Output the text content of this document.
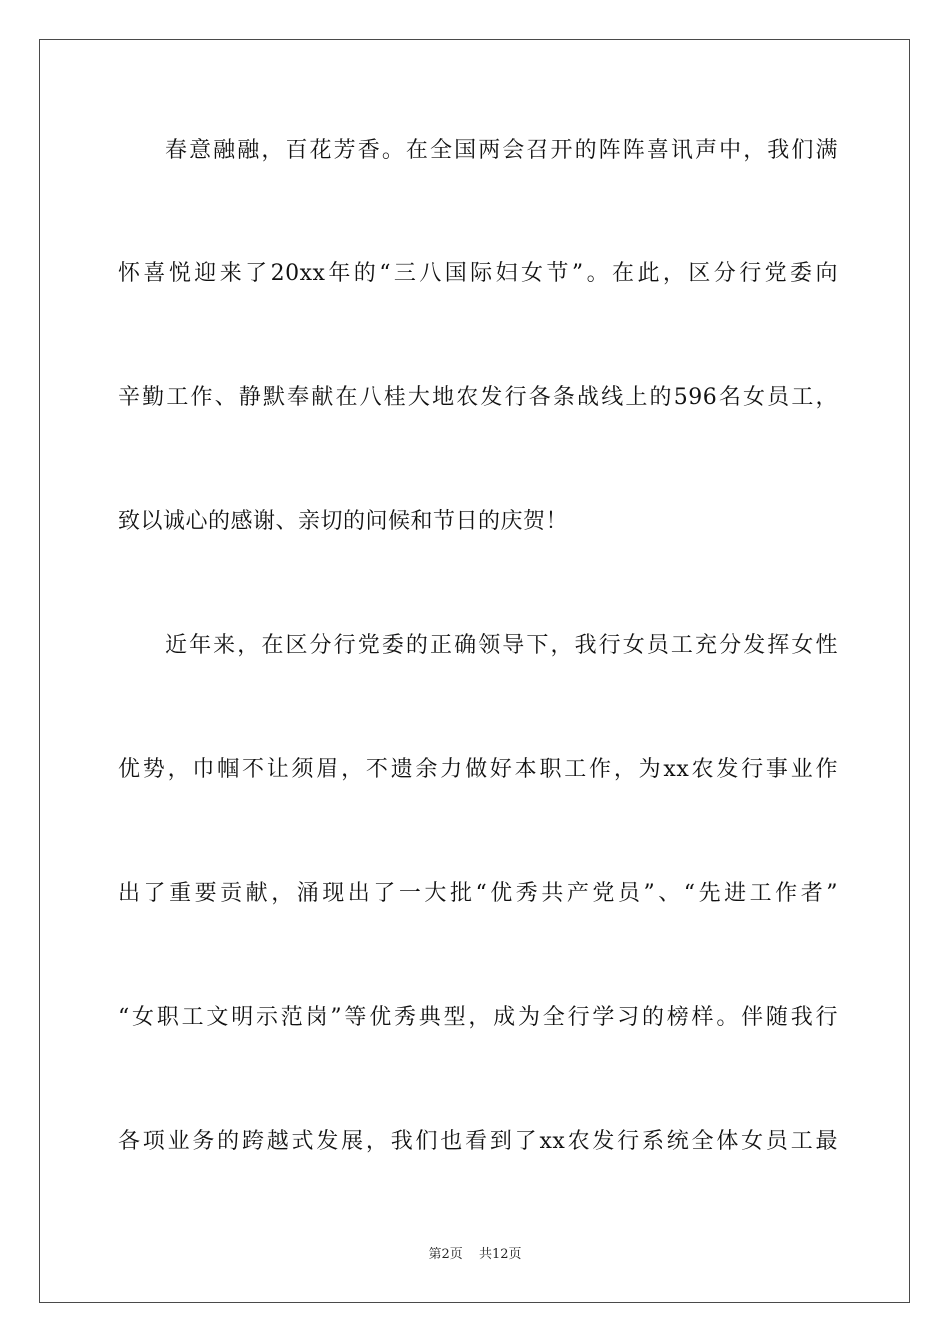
春意融融，百花芳香。在全国两会召开的阵阵喜讯声中，我们满
怀喜悦迎来了20xx年的“三八国际妇女节”。在此，区分行党委向
辛勤工作、静默奉献在八桂大地农发行各条战线上的596名女员工，
致以诚心的感谢、亲切的问候和节日的庆贺！
近年来，在区分行党委的正确领导下，我行女员工充分发挥女性
优势，巾帼不让须眉，不遗余力做好本职工作，为xx农发行事业作
出了重要贡献，涌现出了一大批“优秀共产党员”、“先进工作者”
“女职工文明示范岗”等优秀典型，成为全行学习的榜样。伴随我行
各项业务的跨越式发展，我们也看到了xx农发行系统全体女员工最
第2页 共12页
